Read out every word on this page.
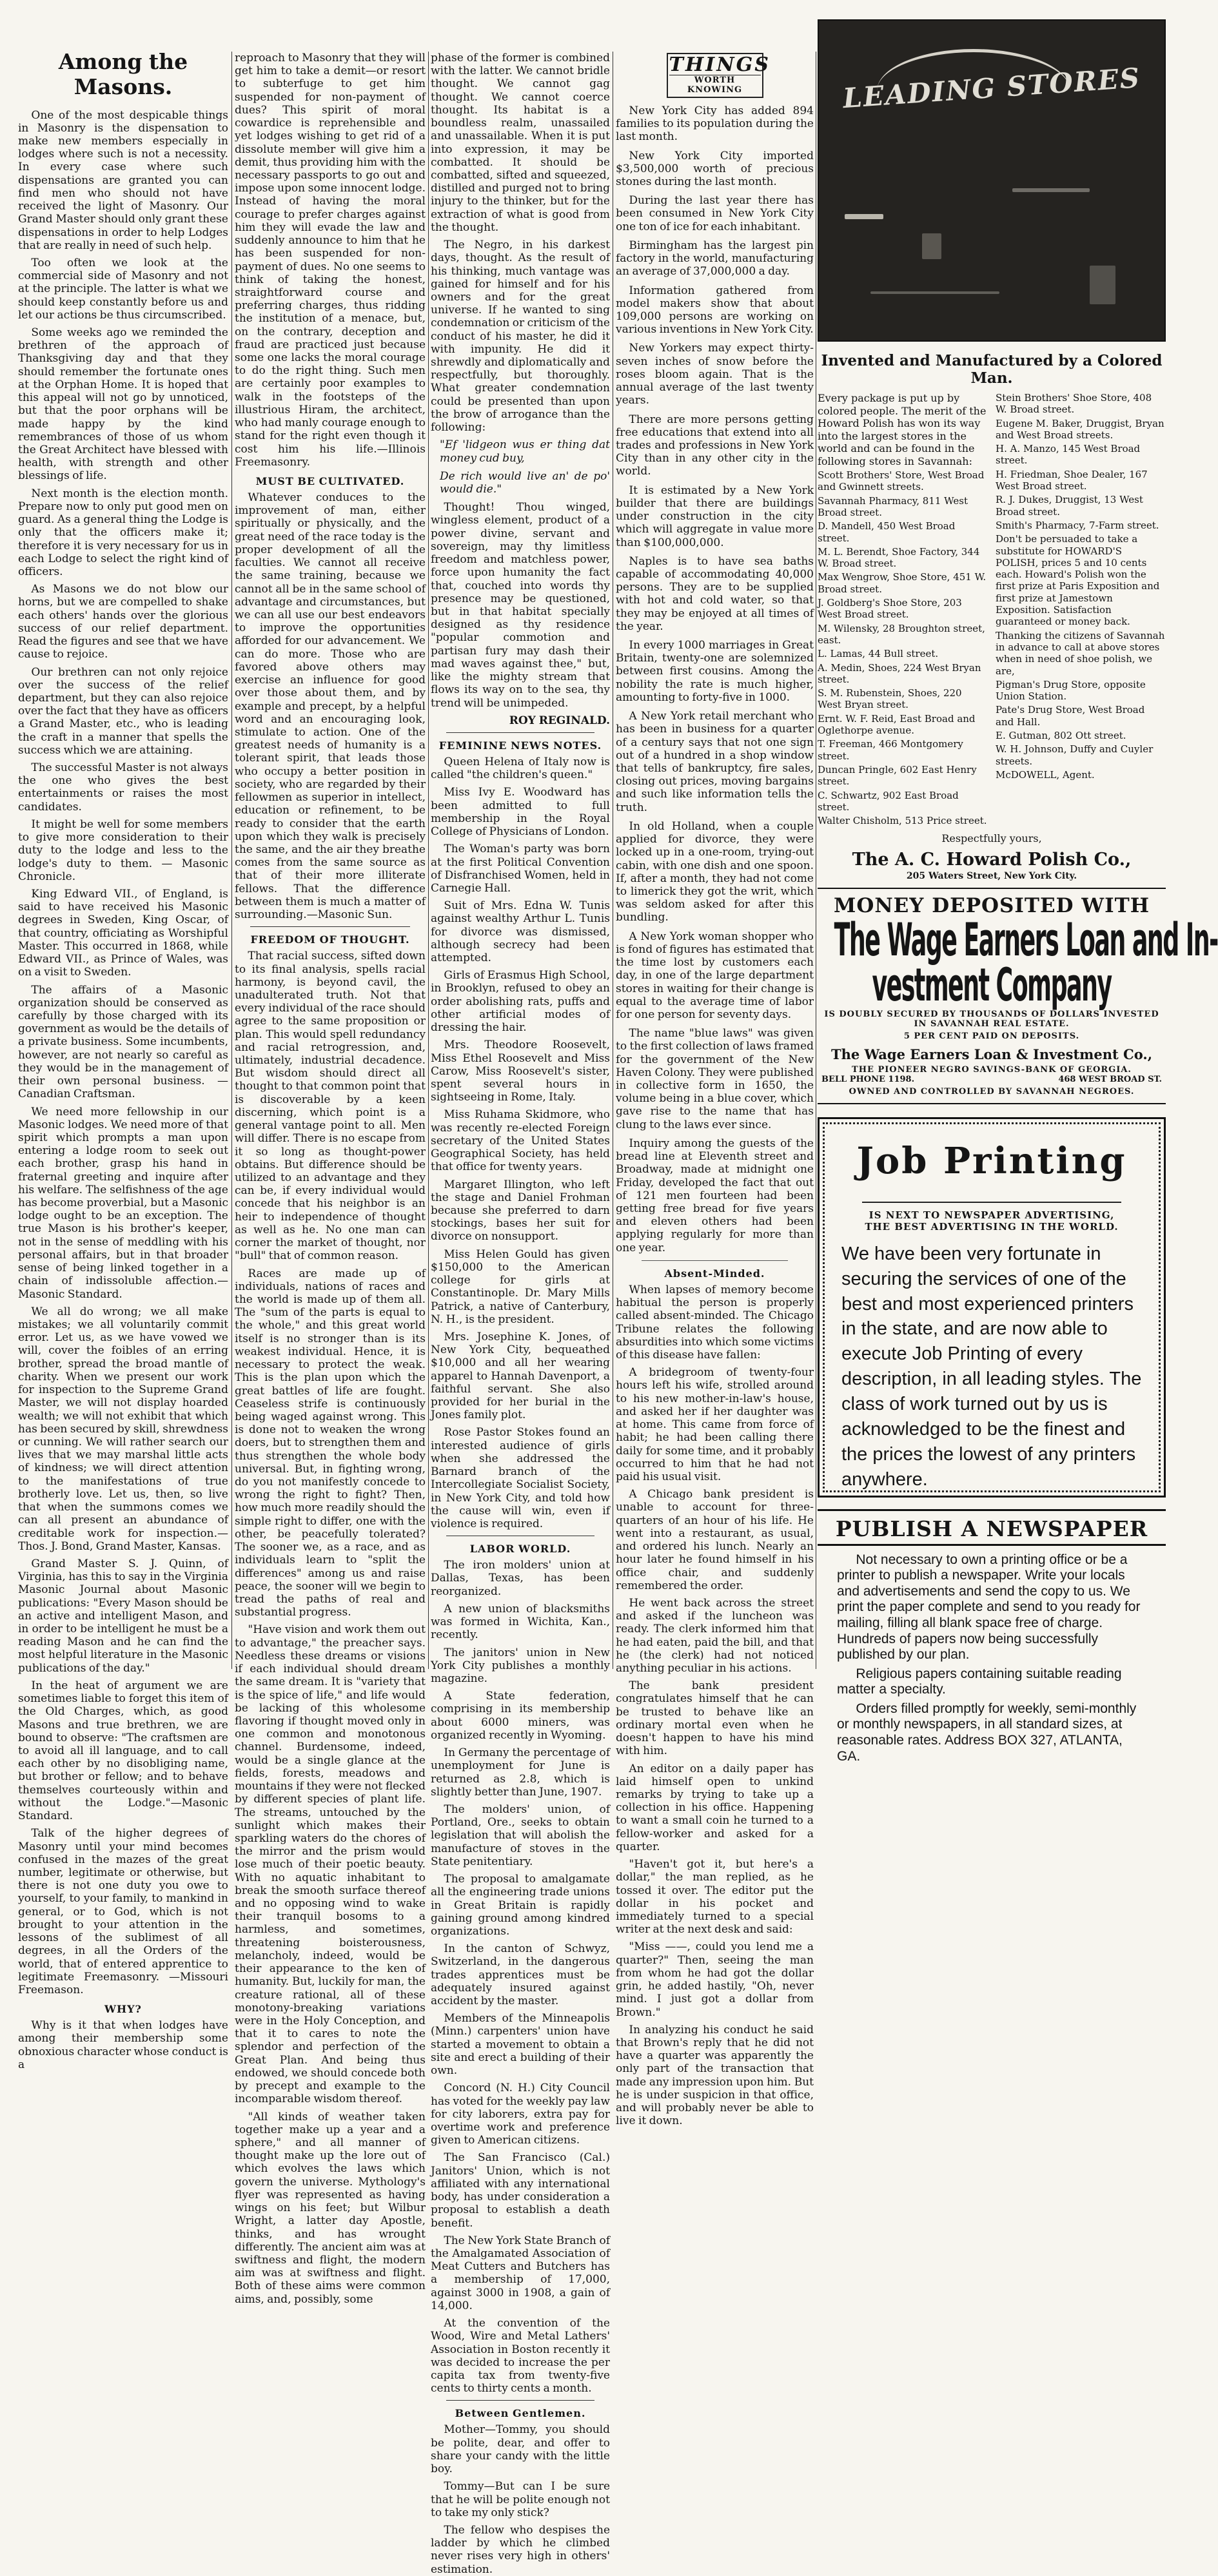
Among the Masons.

One of the most despicable things in Masonry is the dispensation to make new members especially in lodges where such is not a necessity. In every case where such dispensations are granted you can find men who should not have received the light of Masonry. Our Grand Master should only grant these dispensations in order to help Lodges that are really in need of such help.

Too often we look at the commercial side of Masonry and not at the principle. The latter is what we should keep constantly before us and let our actions be thus circumscribed.

Some weeks ago we reminded the brethren of the approach of Thanksgiving day and that they should remember the fortunate ones at the Orphan Home. It is hoped that this appeal will not go by unnoticed, but that the poor orphans will be made happy by the kind remembrances of those of us whom the Great Architect have blessed with health, with strength and other blessings of life.

Next month is the election month. Prepare now to only put good men on guard. As a general thing the Lodge is only that the officers make it; therefore it is very necessary for us in each Lodge to select the right kind of officers.

As Masons we do not blow our horns, but we are compelled to shake each others' hands over the glorious success of our relief department. Read the figures and see that we have cause to rejoice.

Our brethren can not only rejoice over the success of the relief department, but they can also rejoice over the fact that they have as officers a Grand Master, etc., who is leading the craft in a manner that spells the success which we are attaining.

The successful Master is not always the one who gives the best entertainments or raises the most candidates.

It might be well for some members to give more consideration to their duty to the lodge and less to the lodge's duty to them. — Masonic Chronicle.

King Edward VII., of England, is said to have received his Masonic degrees in Sweden, King Oscar, of that country, officiating as Worshipful Master. This occurred in 1868, while Edward VII., as Prince of Wales, was on a visit to Sweden.

The affairs of a Masonic organization should be conserved as carefully by those charged with its government as would be the details of a private business. Some incumbents, however, are not nearly so careful as they would be in the management of their own personal business. — Canadian Craftsman.

We need more fellowship in our Masonic lodges. We need more of that spirit which prompts a man upon entering a lodge room to seek out each brother, grasp his hand in fraternal greeting and inquire after his welfare. The selfishness of the age has become proverbial, but a Masonic lodge ought to be an exception. The true Mason is his brother's keeper, not in the sense of meddling with his personal affairs, but in that broader sense of being linked together in a chain of indissoluble affection.—Masonic Standard.

We all do wrong; we all make mistakes; we all voluntarily commit error. Let us, as we have vowed we will, cover the foibles of an erring brother, spread the broad mantle of charity. When we present our work for inspection to the Supreme Grand Master, we will not display hoarded wealth; we will not exhibit that which has been secured by skill, shrewdness or cunning. We will rather search our lives that we may marshal little acts of kindness; we will direct attention to the manifestations of true brotherly love. Let us, then, so live that when the summons comes we can all present an abundance of creditable work for inspection.—Thos. J. Bond, Grand Master, Kansas.

Grand Master S. J. Quinn, of Virginia, has this to say in the Virginia Masonic Journal about Masonic publications: "Every Mason should be an active and intelligent Mason, and in order to be intelligent he must be a reading Mason and he can find the most helpful literature in the Masonic publications of the day."

In the heat of argument we are sometimes liable to forget this item of the Old Charges, which, as good Masons and true brethren, we are bound to observe: "The craftsmen are to avoid all ill language, and to call each other by no disobliging name, but brother or fellow; and to behave themselves courteously within and without the Lodge."—Masonic Standard.

Talk of the higher degrees of Masonry until your mind becomes confused in the mazes of the great number, legitimate or otherwise, but there is not one duty you owe to yourself, to your family, to mankind in general, or to God, which is not brought to your attention in the lessons of the sublimest of all degrees, in all the Orders of the world, that of entered apprentice to legitimate Freemasonry. —Missouri Freemason.

WHY?

Why is it that when lodges have among their membership some obnoxious character whose conduct is a

reproach to Masonry that they will get him to take a demit—or resort to subterfuge to get him suspended for non-payment of dues? This spirit of moral cowardice is reprehensible and yet lodges wishing to get rid of a dissolute member will give him a demit, thus providing him with the necessary passports to go out and impose upon some innocent lodge. Instead of having the moral courage to prefer charges against him they will evade the law and suddenly announce to him that he has been suspended for non-payment of dues. No one seems to think of taking the honest, straightforward course and preferring charges, thus ridding the institution of a menace, but, on the contrary, deception and fraud are practiced just because some one lacks the moral courage to do the right thing. Such men are certainly poor examples to walk in the footsteps of the illustrious Hiram, the architect, who had manly courage enough to stand for the right even though it cost him his life.—Illinois Freemasonry.

MUST BE CULTIVATED.

Whatever conduces to the improvement of man, either spiritually or physically, and the great need of the race today is the proper development of all the faculties. We cannot all receive the same training, because we cannot all be in the same school of advantage and circumstances, but we can all use our best endeavors to improve the opportunities afforded for our advancement. We can do more. Those who are favored above others may exercise an influence for good over those about them, and by example and precept, by a helpful word and an encouraging look, stimulate to action. One of the greatest needs of humanity is a tolerant spirit, that leads those who occupy a better position in society, who are regarded by their fellowmen as superior in intellect, education or refinement, to be ready to consider that the earth upon which they walk is precisely the same, and the air they breathe comes from the same source as that of their more illiterate fellows. That the difference between them is much a matter of surrounding.—Masonic Sun.

FREEDOM OF THOUGHT.

That racial success, sifted down to its final analysis, spells racial harmony, is beyond cavil, the unadulterated truth. Not that every individual of the race should agree to the same proposition or plan. This would spell redundancy and racial retrogression, and, ultimately, industrial decadence. But wisdom should direct all thought to that common point that is discoverable by a keen discerning, which point is a general vantage point to all. Men will differ. There is no escape from it so long as thought-power obtains. But difference should be utilized to an advantage and they can be, if every individual would concede that his neighbor is an heir to independence of thought as well as he. No one man can corner the market of thought, nor "bull" that of common reason.

Races are made up of individuals, nations of races and the world is made up of them all. The "sum of the parts is equal to the whole," and this great world itself is no stronger than is its weakest individual. Hence, it is necessary to protect the weak. This is the plan upon which the great battles of life are fought. Ceaseless strife is continuously being waged against wrong. This is done not to weaken the wrong doers, but to strengthen them and thus strengthen the whole body universal. But, in fighting wrong, do you not manifestly concede to wrong the right to fight? Then, how much more readily should the simple right to differ, one with the other, be peacefully tolerated? The sooner we, as a race, and as individuals learn to "split the differences" among us and raise peace, the sooner will we begin to tread the paths of real and substantial progress.

"Have vision and work them out to advantage," the preacher says. Needless these dreams or visions if each individual should dream the same dream. It is "variety that is the spice of life," and life would be lacking of this wholesome flavoring if thought moved only in one common and monotonous channel. Burdensome, indeed, would be a single glance at the fields, forests, meadows and mountains if they were not flecked by different species of plant life. The streams, untouched by the sunlight which makes their sparkling waters do the chores of the mirror and the prism would lose much of their poetic beauty. With no aquatic inhabitant to break the smooth surface thereof and no opposing wind to wake their tranquil bosoms to a harmless, and sometimes, threatening boisterousness, melancholy, indeed, would be their appearance to the ken of humanity. But, luckily for man, the creature rational, all of these monotony-breaking variations were in the Holy Conception, and that it to cares to note the splendor and perfection of the Great Plan. And being thus endowed, we should concede both by precept and example to the incomparable wisdom thereof.

"All kinds of weather taken together make up a year and a sphere," and all manner of thought make up the lore out of which evolves the laws which govern the universe. Mythology's flyer was represented as having wings on his feet; but Wilbur Wright, a latter day Apostle, thinks, and has wrought differently. The ancient aim was at swiftness and flight, the modern aim was at swiftness and flight. Both of these aims were common aims, and, possibly, some

phase of the former is combined with the latter. We cannot bridle thought. We cannot gag thought. We cannot coerce thought. Its habitat is a boundless realm, unassailed and unassailable. When it is put into expression, it may be combatted. It should be combatted, sifted and squeezed, distilled and purged not to bring injury to the thinker, but for the extraction of what is good from the thought.

The Negro, in his darkest days, thought. As the result of his thinking, much vantage was gained for himself and for his owners and for the great universe. If he wanted to sing condemnation or criticism of the conduct of his master, he did it with impunity. He did it shrewdly and diplomatically and respectfully, but thoroughly. What greater condemnation could be presented than upon the brow of arrogance than the following:

"Ef 'lidgeon wus er thing dat money cud buy,
De rich would live an' de po' would die."

Thought! Thou winged, wingless element, product of a power divine, servant and sovereign, may thy limitless freedom and matchless power, force upon humanity the fact that, couched into words thy presence may be questioned, but in that habitat specially designed as thy residence "popular commotion and partisan fury may dash their mad waves against thee," but, like the mighty stream that flows its way on to the sea, thy trend will be unimpeded.

ROY REGINALD.
FEMININE NEWS NOTES.

Queen Helena of Italy now is called "the children's queen."

Miss Ivy E. Woodward has been admitted to full membership in the Royal College of Physicians of London.

The Woman's party was born at the first Political Convention of Disfranchised Women, held in Carnegie Hall.

Suit of Mrs. Edna W. Tunis against wealthy Arthur L. Tunis for divorce was dismissed, although secrecy had been attempted.

Girls of Erasmus High School, in Brooklyn, refused to obey an order abolishing rats, puffs and other artificial modes of dressing the hair.

Mrs. Theodore Roosevelt, Miss Ethel Roosevelt and Miss Carow, Miss Roosevelt's sister, spent several hours in sightseeing in Rome, Italy.

Miss Ruhama Skidmore, who was recently re-elected Foreign secretary of the United States Geographical Society, has held that office for twenty years.

Margaret Illington, who left the stage and Daniel Frohman because she preferred to darn stockings, bases her suit for divorce on nonsupport.

Miss Helen Gould has given $150,000 to the American college for girls at Constantinople. Dr. Mary Mills Patrick, a native of Canterbury, N. H., is the president.

Mrs. Josephine K. Jones, of New York City, bequeathed $10,000 and all her wearing apparel to Hannah Davenport, a faithful servant. She also provided for her burial in the Jones family plot.

Rose Pastor Stokes found an interested audience of girls when she addressed the Barnard branch of the Intercollegiate Socialist Society, in New York City, and told how the cause will win, even if violence is required.

LABOR WORLD.

The iron molders' union at Dallas, Texas, has been reorganized.

A new union of blacksmiths was formed in Wichita, Kan., recently.

The janitors' union in New York City publishes a monthly magazine.

A State federation, comprising in its membership about 6000 miners, was organized recently in Wyoming.

In Germany the percentage of unemployment for June is returned as 2.8, which is slightly better than June, 1907.

The molders' union, of Portland, Ore., seeks to obtain legislation that will abolish the manufacture of stoves in the State penitentiary.

The proposal to amalgamate all the engineering trade unions in Great Britain is rapidly gaining ground among kindred organizations.

In the canton of Schwyz, Switzerland, in the dangerous trades apprentices must be adequately insured against accident by the master.

Members of the Minneapolis (Minn.) carpenters' union have started a movement to obtain a site and erect a building of their own.

Concord (N. H.) City Council has voted for the weekly pay law for city laborers, extra pay for overtime work and preference given to American citizens.

The San Francisco (Cal.) Janitors' Union, which is not affiliated with any international body, has under consideration a proposal to establish a death benefit.

The New York State Branch of the Amalgamated Association of Meat Cutters and Butchers has a membership of 17,000, against 3000 in 1908, a gain of 14,000.

At the convention of the Wood, Wire and Metal Lathers' Association in Boston recently it was decided to increase the per capita tax from twenty-five cents to thirty cents a month.

Between Gentlemen.

Mother—Tommy, you should be polite, dear, and offer to share your candy with the little boy.

Tommy—But can I be sure that he will be polite enough not to take my only stick?

The fellow who despises the ladder by which he climbed never rises very high in others' estimation.

THINGS
WORTH KNOWING

New York City has added 894 families to its population during the last month.

New York City imported $3,500,000 worth of precious stones during the last month.

During the last year there has been consumed in New York City one ton of ice for each inhabitant.

Birmingham has the largest pin factory in the world, manufacturing an average of 37,000,000 a day.

Information gathered from model makers show that about 109,000 persons are working on various inventions in New York City.

New Yorkers may expect thirty-seven inches of snow before the roses bloom again. That is the annual average of the last twenty years.

There are more persons getting free educations that extend into all trades and professions in New York City than in any other city in the world.

It is estimated by a New York builder that there are buildings under construction in the city which will aggregate in value more than $100,000,000.

Naples is to have sea baths capable of accommodating 40,000 persons. They are to be supplied with hot and cold water, so that they may be enjoyed at all times of the year.

In every 1000 marriages in Great Britain, twenty-one are solemnized between first cousins. Among the nobility the rate is much higher, amounting to forty-five in 1000.

A New York retail merchant who has been in business for a quarter of a century says that not one sign out of a hundred in a shop window that tells of bankruptcy, fire sales, closing out prices, moving bargains and such like information tells the truth.

In old Holland, when a couple applied for divorce, they were locked up in a one-room, trying-out cabin, with one dish and one spoon. If, after a month, they had not come to limerick they got the writ, which was seldom asked for after this bundling.

A New York woman shopper who is fond of figures has estimated that the time lost by customers each day, in one of the large department stores in waiting for their change is equal to the average time of labor for one person for seventy days.

The name "blue laws" was given to the first collection of laws framed for the government of the New Haven Colony. They were published in collective form in 1650, the volume being in a blue cover, which gave rise to the name that has clung to the laws ever since.

Inquiry among the guests of the bread line at Eleventh street and Broadway, made at midnight one Friday, developed the fact that out of 121 men fourteen had been getting free bread for five years and eleven others had been applying regularly for more than one year.

Absent-Minded.

When lapses of memory become habitual the person is properly called absent-minded. The Chicago Tribune relates the following absurdities into which some victims of this disease have fallen:

A bridegroom of twenty-four hours left his wife, strolled around to his new mother-in-law's house, and asked her if her daughter was at home. This came from force of habit; he had been calling there daily for some time, and it probably occurred to him that he had not paid his usual visit.

A Chicago bank president is unable to account for three-quarters of an hour of his life. He went into a restaurant, as usual, and ordered his lunch. Nearly an hour later he found himself in his office chair, and suddenly remembered the order.

He went back across the street and asked if the luncheon was ready. The clerk informed him that he had eaten, paid the bill, and that he (the clerk) had not noticed anything peculiar in his actions.

The bank president congratulates himself that he can be trusted to behave like an ordinary mortal even when he doesn't happen to have his mind with him.

An editor on a daily paper has laid himself open to unkind remarks by trying to take up a collection in his office. Happening to want a small coin he turned to a fellow-worker and asked for a quarter.

"Haven't got it, but here's a dollar," the man replied, as he tossed it over. The editor put the dollar in his pocket and immediately turned to a special writer at the next desk and said:

"Miss ——, could you lend me a quarter?" Then, seeing the man from whom he had got the dollar grin, he added hastily, "Oh, never mind. I just got a dollar from Brown."

In analyzing his conduct he said that Brown's reply that he did not have a quarter was apparently the only part of the transaction that made any impression upon him. But he is under suspicion in that office, and will probably never be able to live it down.

LEADING STORES
Invented and Manufactured by a Colored Man.

Every package is put up by colored people. The merit of the Howard Polish has won its way into the largest stores in the world and can be found in the following stores in Savannah:

Scott Brothers' Store, West Broad and Gwinnett streets.

Savannah Pharmacy, 811 West Broad street.

D. Mandell, 450 West Broad street.

M. L. Berendt, Shoe Factory, 344 W. Broad street.

Max Wengrow, Shoe Store, 451 W. Broad street.

J. Goldberg's Shoe Store, 203 West Broad street.

M. Wilensky, 28 Broughton street, east.

L. Lamas, 44 Bull street.

A. Medin, Shoes, 224 West Bryan street.

S. M. Rubenstein, Shoes, 220 West Bryan street.

Ernt. W. F. Reid, East Broad and Oglethorpe avenue.

T. Freeman, 466 Montgomery street.

Duncan Pringle, 602 East Henry street.

C. Schwartz, 902 East Broad street.

Walter Chisholm, 513 Price street.

Stein Brothers' Shoe Store, 408 W. Broad street.

Eugene M. Baker, Druggist, Bryan and West Broad streets.

H. A. Manzo, 145 West Broad street.

H. Friedman, Shoe Dealer, 167 West Broad street.

R. J. Dukes, Druggist, 13 West Broad street.

Smith's Pharmacy, 7-Farm street.

Don't be persuaded to take a substitute for HOWARD'S POLISH, prices 5 and 10 cents each. Howard's Polish won the first prize at Paris Exposition and first prize at Jamestown Exposition. Satisfaction guaranteed or money back.

Thanking the citizens of Savannah in advance to call at above stores when in need of shoe polish, we are,

Pigman's Drug Store, opposite Union Station.

Pate's Drug Store, West Broad and Hall.

E. Gutman, 802 Ott street.

W. H. Johnson, Duffy and Cuyler streets.

McDOWELL, Agent.

Respectfully yours,
The A. C. Howard Polish Co.,
205 Waters Street, New York City.
MONEY DEPOSITED WITH
The Wage Earners Loan and In-
vestment Company
IS DOUBLY SECURED BY THOUSANDS OF DOLLARS INVESTED IN SAVANNAH REAL ESTATE.
5 PER CENT PAID ON DEPOSITS.
The Wage Earners Loan & Investment Co.,
THE PIONEER NEGRO SAVINGS-BANK OF GEORGIA.
BELL PHONE 1198.	468 WEST BROAD ST.
OWNED AND CONTROLLED BY SAVANNAH NEGROES.
Job Printing
IS NEXT TO NEWSPAPER ADVERTISING,
THE BEST ADVERTISING IN THE WORLD.
We have been very fortunate in securing the services of one of the best and most experienced printers in the state, and are now able to execute Job Printing of every description, in all leading styles. The class of work turned out by us is acknowledged to be the finest and the prices the lowest of any printers anywhere.
PUBLISH A NEWSPAPER

Not necessary to own a printing office or be a printer to publish a newspaper. Write your locals and advertisements and send the copy to us. We print the paper complete and send to you ready for mailing, filling all blank space free of charge. Hundreds of papers now being successfully published by our plan.

Religious papers containing suitable reading matter a specialty.

Orders filled promptly for weekly, semi-monthly or monthly newspapers, in all standard sizes, at reasonable rates. Address BOX 327, ATLANTA, GA.
